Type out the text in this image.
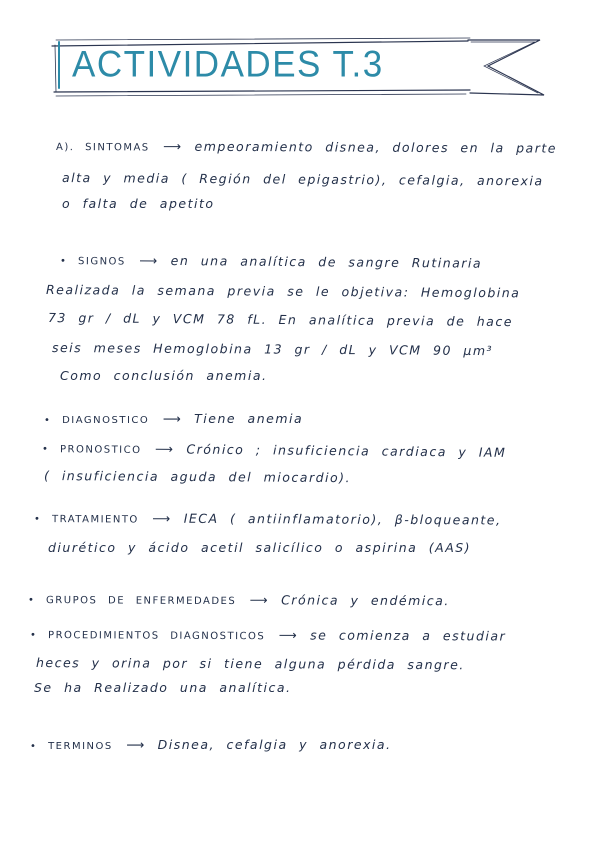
ACTIVIDADES T.3
A). SINTOMAS ⟶ empeoramiento disnea, dolores en la parte
alta y media ( Región del epigastrio), cefalgia, anorexia
o falta de apetito
• SIGNOS ⟶ en una analítica de sangre Rutinaria
Realizada la semana previa se le objetiva: Hemoglobina
73 gr / dL y VCM 78 fL. En analítica previa de hace
seis meses Hemoglobina 13 gr / dL y VCM 90 μm³
Como conclusión anemia.
• DIAGNOSTICO ⟶ Tiene anemia
• PRONOSTICO ⟶ Crónico ; insuficiencia cardiaca y IAM
( insuficiencia aguda del miocardio).
• TRATAMIENTO ⟶ IECA ( antiinflamatorio), β-bloqueante,
diurético y ácido acetil salicílico o aspirina (AAS)
• GRUPOS DE ENFERMEDADES ⟶ Crónica y endémica.
• PROCEDIMIENTOS DIAGNOSTICOS ⟶ se comienza a estudiar
heces y orina por si tiene alguna pérdida sangre.
Se ha Realizado una analítica.
• TERMINOS ⟶ Disnea, cefalgia y anorexia.
